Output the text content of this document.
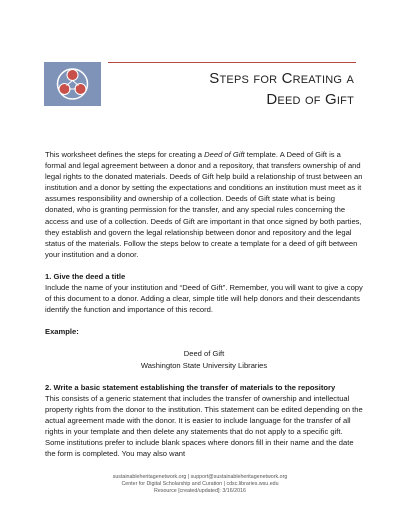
Steps for Creating a
Deed of Gift

This worksheet defines the steps for creating a Deed of Gift template. A Deed of Gift is a formal and legal agreement between a donor and a repository, that transfers ownership of and legal rights to the donated materials. Deeds of Gift help build a relationship of trust between an institution and a donor by setting the expectations and conditions an institution must meet as it assumes responsibility and ownership of a collection. Deeds of Gift state what is being donated, who is granting permission for the transfer, and any special rules concerning the access and use of a collection. Deeds of Gift are important in that once signed by both parties, they establish and govern the legal relationship between donor and repository and the legal status of the materials. Follow the steps below to create a template for a deed of gift between your institution and a donor.

1. Give the deed a title

Include the name of your institution and “Deed of Gift”. Remember, you will want to give a copy of this document to a donor. Adding a clear, simple title will help donors and their descendants identify the function and importance of this record.

Example:

Deed of Gift

Washington State University Libraries

2. Write a basic statement establishing the transfer of materials to the repository

This consists of a generic statement that includes the transfer of ownership and intellectual property rights from the donor to the institution. This statement can be edited depending on the actual agreement made with the donor. It is easier to include language for the transfer of all rights in your template and then delete any statements that do not apply to a specific gift. Some institutions prefer to include blank spaces where donors fill in their name and the date the form is completed. You may also want

sustainableheritagenetwork.org | support@sustainableheritagenetwork.org
Center for Digital Scholarship and Curation | cdsc.libraries.wsu.edu
Resource [created/updated]: 3/16/2016
